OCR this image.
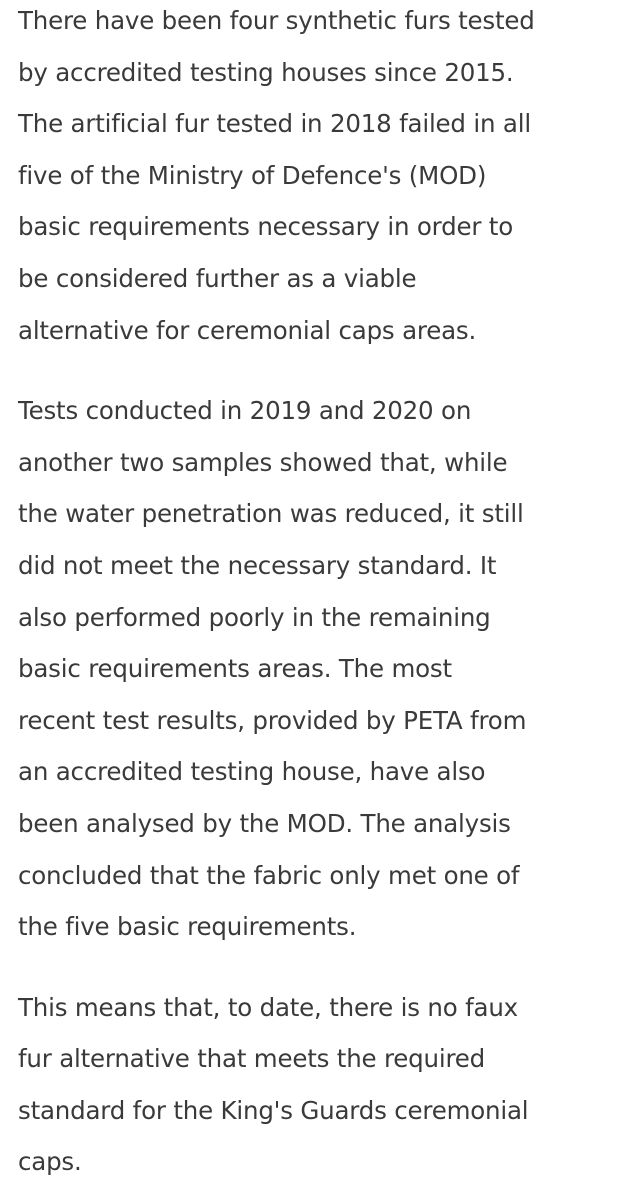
There have been four synthetic furs tested
by accredited testing houses since 2015.
The artificial fur tested in 2018 failed in all
five of the Ministry of Defence's (MOD)
basic requirements necessary in order to
be considered further as a viable
alternative for ceremonial caps areas.
Tests conducted in 2019 and 2020 on
another two samples showed that, while
the water penetration was reduced, it still
did not meet the necessary standard. It
also performed poorly in the remaining
basic requirements areas. The most
recent test results, provided by PETA from
an accredited testing house, have also
been analysed by the MOD. The analysis
concluded that the fabric only met one of
the five basic requirements.
This means that, to date, there is no faux
fur alternative that meets the required
standard for the King's Guards ceremonial
caps.
